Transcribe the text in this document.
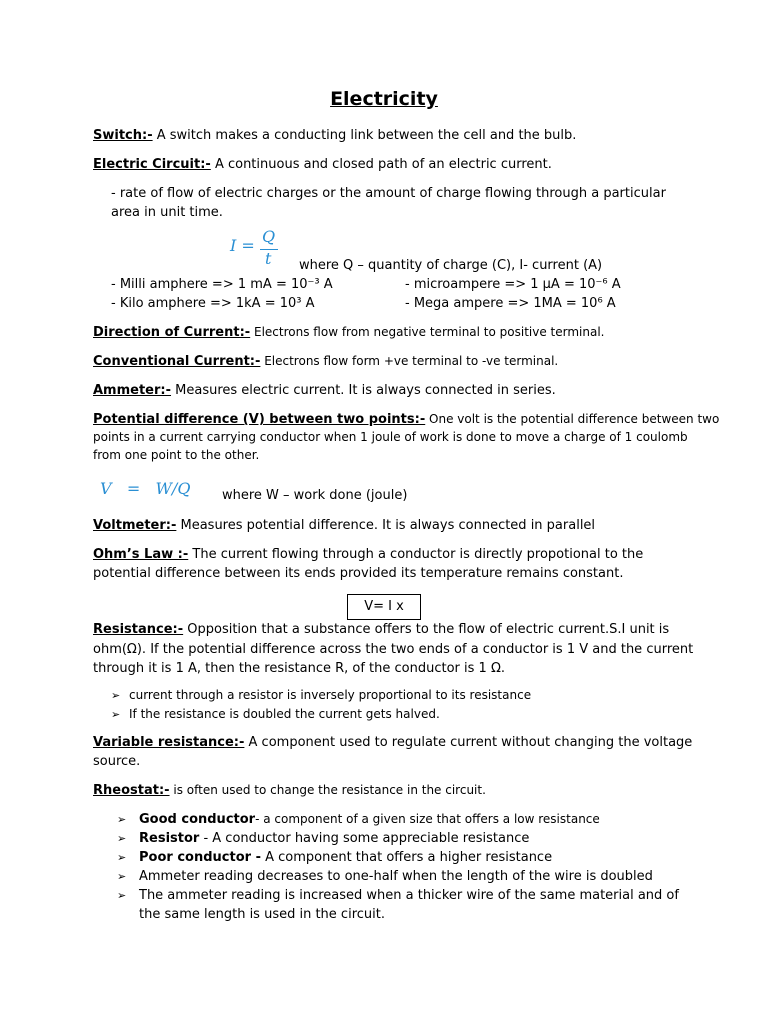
Electricity
Switch:- A switch makes a conducting link between the cell and the bulb.
Electric Circuit:- A continuous and closed path of an electric current.
- rate of flow of electric charges or the amount of charge flowing through a particular
area in unit time.
I = Q
t where Q – quantity of charge (C), I- current (A)
- Milli amphere => 1 mA = 10⁻³ A	- microampere => 1 µA = 10⁻⁶ A
- Kilo amphere => 1kA = 10³ A	- Mega ampere => 1MA = 10⁶ A
Direction of Current:- Electrons flow from negative terminal to positive terminal.
Conventional Current:- Electrons flow form +ve terminal to -ve terminal.
Ammeter:- Measures electric current. It is always connected in series.
Potential difference (V) between two points:- One volt is the potential difference between two
points in a current carrying conductor when 1 joule of work is done to move a charge of 1 coulomb
from one point to the other.
V   =   W/Q where W – work done (joule)
Voltmeter:- Measures potential difference. It is always connected in parallel
Ohm’s Law :- The current flowing through a conductor is directly propotional to the
potential difference between its ends provided its temperature remains constant.
V= I x
Resistance:- Opposition that a substance offers to the flow of electric current.S.I unit is
ohm(Ω). If the potential difference across the two ends of a conductor is 1 V and the current
through it is 1 A, then the resistance R, of the conductor is 1 Ω.
➢ current through a resistor is inversely proportional to its resistance
➢ If the resistance is doubled the current gets halved.
Variable resistance:- A component used to regulate current without changing the voltage
source.
Rheostat:- is often used to change the resistance in the circuit.
➢ Good conductor- a component of a given size that offers a low resistance
➢ Resistor - A conductor having some appreciable resistance
➢ Poor conductor - A component that offers a higher resistance
➢ Ammeter reading decreases to one-half when the length of the wire is doubled
➢ The ammeter reading is increased when a thicker wire of the same material and of
the same length is used in the circuit.
